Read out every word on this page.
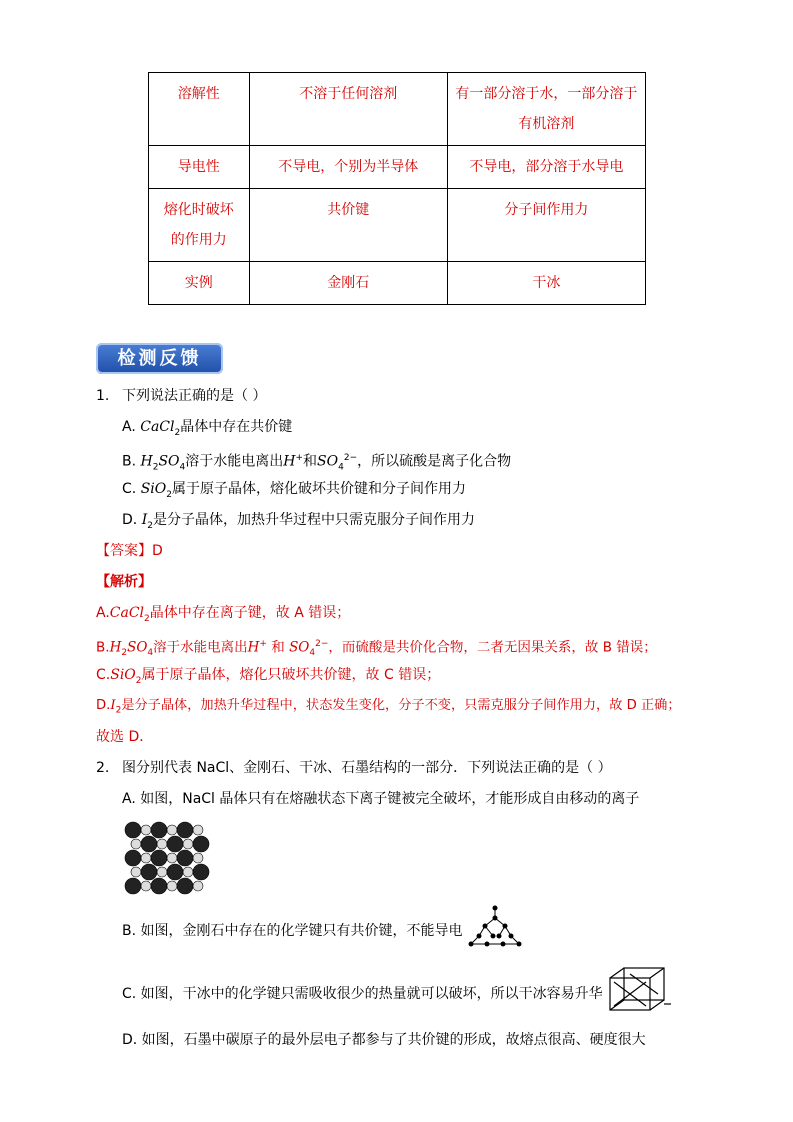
溶解性	不溶于任何溶剂	有一部分溶于水，一部分溶于
有机溶剂
导电性	不导电，个别为半导体	不导电，部分溶于水导电
熔化时破坏
的作用力	共价键	分子间作用力
实例	金刚石	干冰
检测反馈
1. 下列说法正确的是（ ）
A. CaCl$_2$晶体中存在共价键
B. $H_2SO_4$溶于水能电离出H+和$SO_4^{2-}$，所以硫酸是离子化合物
C. SiO$_2$属于原子晶体，熔化破坏共价键和分子间作用力
D. $I_2$是分子晶体，加热升华过程中只需克服分子间作用力
【答案】D
【解析】
A.CaCl$_2$晶体中存在离子键，故 A 错误；
$B.H_2SO_4$溶于水能电离出H+ 和 $SO_4^{2-}$，而硫酸是共价化合物，二者无因果关系，故 B 错误；
C.SiO$_2$属于原子晶体，熔化只破坏共价键，故 C 错误；
$D.I_2$是分子晶体，加热升华过程中，状态发生变化，分子不变，只需克服分子间作用力，故 D 正确；
故选 D．
2. 图分别代表 NaCl、金刚石、干冰、石墨结构的一部分．下列说法正确的是（ ）
A. 如图，NaCl 晶体只有在熔融状态下离子键被完全破坏，才能形成自由移动的离子
B. 如图，金刚石中存在的化学键只有共价键，不能导电
C. 如图，干冰中的化学键只需吸收很少的热量就可以破坏，所以干冰容易升华
D. 如图，石墨中碳原子的最外层电子都参与了共价键的形成，故熔点很高、硬度很大
